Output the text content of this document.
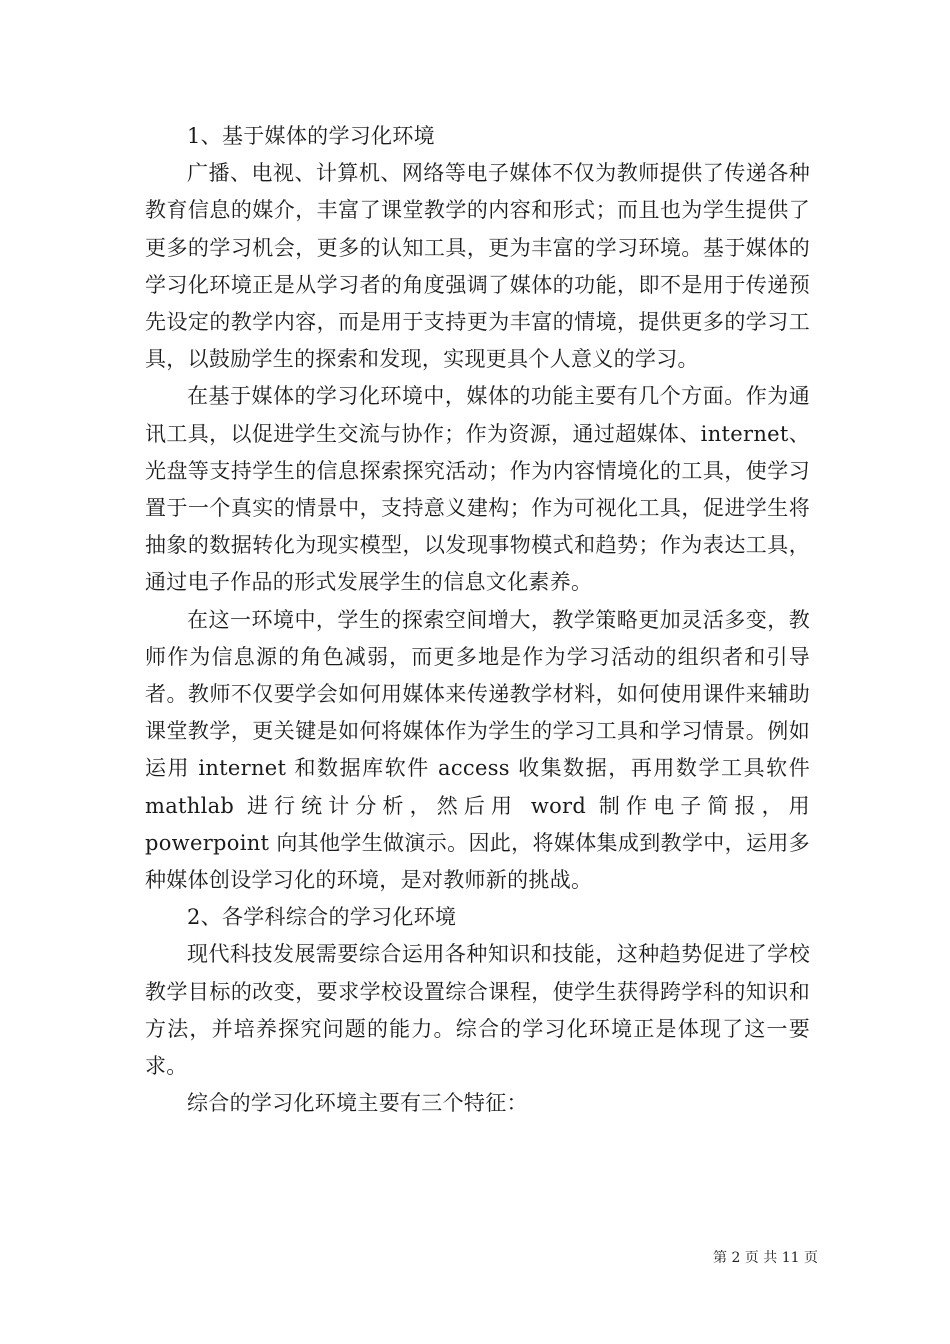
1、基于媒体的学习化环境

广播、电视、计算机、网络等电子媒体不仅为教师提供了传递各种教育信息的媒介，丰富了课堂教学的内容和形式；而且也为学生提供了更多的学习机会，更多的认知工具，更为丰富的学习环境。基于媒体的学习化环境正是从学习者的角度强调了媒体的功能，即不是用于传递预先设定的教学内容，而是用于支持更为丰富的情境，提供更多的学习工具，以鼓励学生的探索和发现，实现更具个人意义的学习。

在基于媒体的学习化环境中，媒体的功能主要有几个方面。作为通讯工具，以促进学生交流与协作；作为资源，通过超媒体、internet、光盘等支持学生的信息探索探究活动；作为内容情境化的工具，使学习置于一个真实的情景中，支持意义建构；作为可视化工具，促进学生将抽象的数据转化为现实模型，以发现事物模式和趋势；作为表达工具，通过电子作品的形式发展学生的信息文化素养。

在这一环境中，学生的探索空间增大，教学策略更加灵活多变，教师作为信息源的角色减弱，而更多地是作为学习活动的组织者和引导者。教师不仅要学会如何用媒体来传递教学材料，如何使用课件来辅助课堂教学，更关键是如何将媒体作为学生的学习工具和学习情景。例如运用 internet 和数据库软件 access 收集数据，再用数学工具软件 mathlab 进行统计分析，然后用 word 制作电子简报，用 powerpoint 向其他学生做演示。因此，将媒体集成到教学中，运用多种媒体创设学习化的环境，是对教师新的挑战。

2、各学科综合的学习化环境

现代科技发展需要综合运用各种知识和技能，这种趋势促进了学校教学目标的改变，要求学校设置综合课程，使学生获得跨学科的知识和方法，并培养探究问题的能力。综合的学习化环境正是体现了这一要求。

综合的学习化环境主要有三个特征：

第 2 页 共 11 页
